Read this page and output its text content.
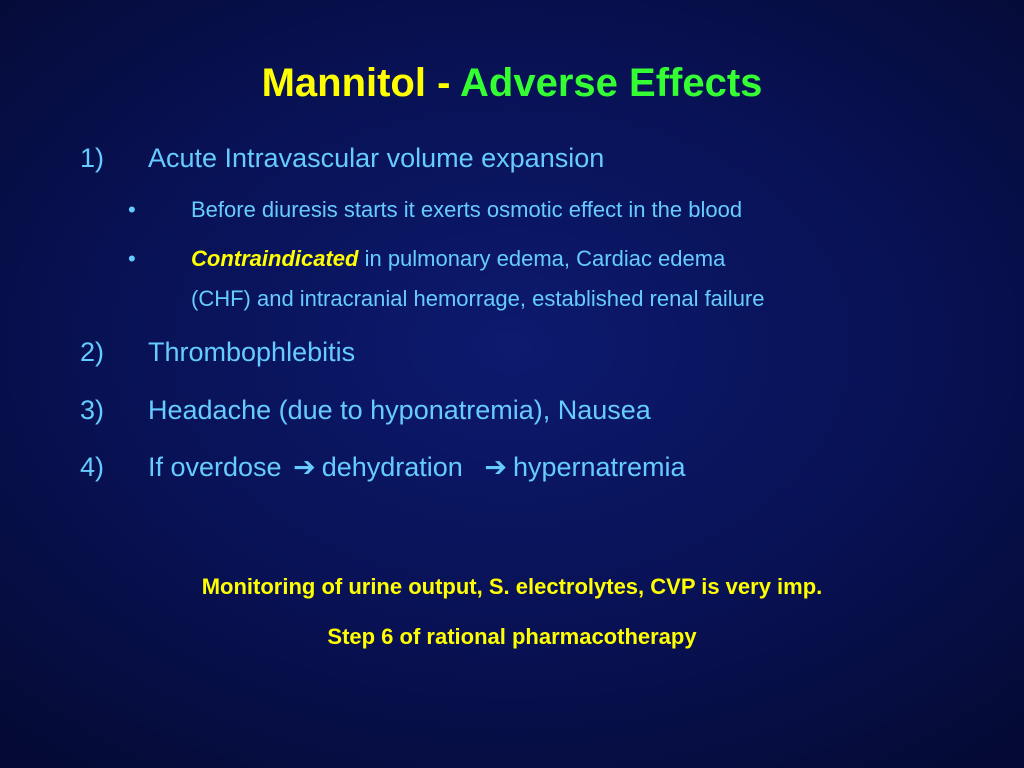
Mannitol - Adverse Effects
1) Acute Intravascular volume expansion
•	Before diuresis starts it exerts osmotic effect in the blood
•	Contraindicated in pulmonary edema, Cardiac edema
(CHF) and intracranial hemorrage, established renal failure
2) Thrombophlebitis
3) Headache (due to hyponatremia), Nausea
4) If overdose ➔ dehydration ➔ hypernatremia
Monitoring of urine output, S. electrolytes, CVP is very imp.
Step 6 of rational pharmacotherapy
